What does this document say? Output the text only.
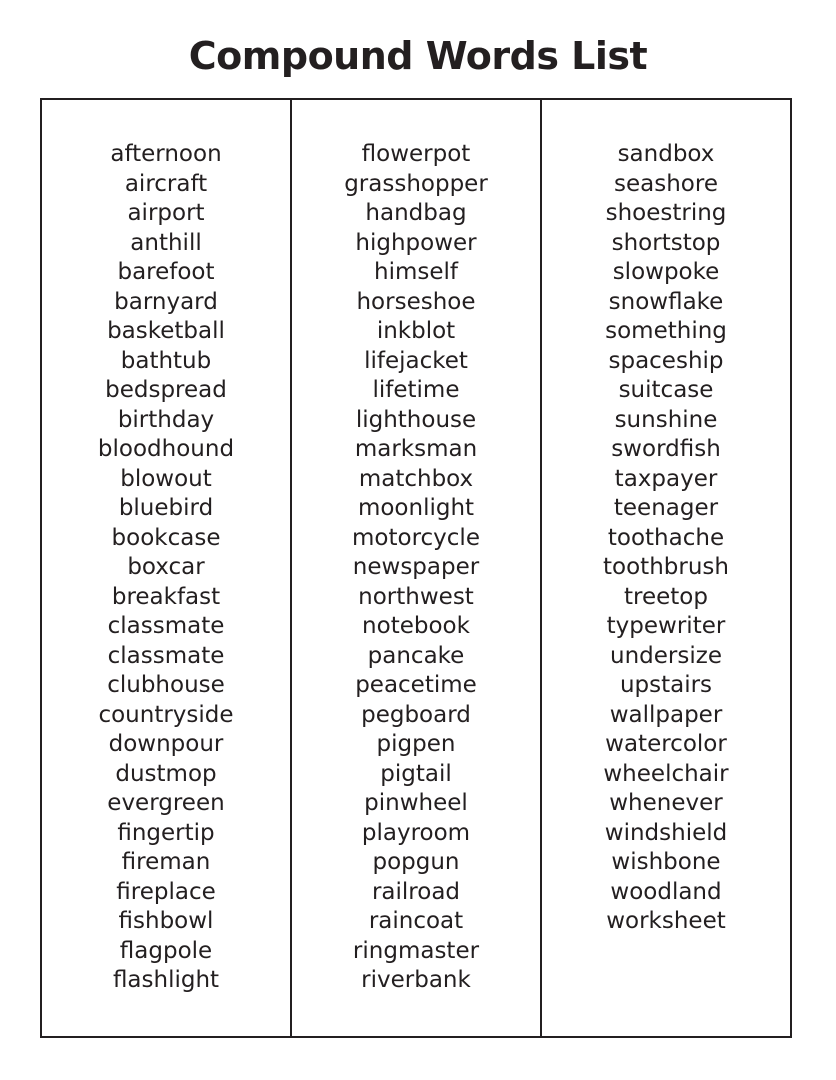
Compound Words List
afternoon
aircraft
airport
anthill
barefoot
barnyard
basketball
bathtub
bedspread
birthday
bloodhound
blowout
bluebird
bookcase
boxcar
breakfast
classmate
classmate
clubhouse
countryside
downpour
dustmop
evergreen
fingertip
fireman
fireplace
fishbowl
flagpole
flashlight
flowerpot
grasshopper
handbag
highpower
himself
horseshoe
inkblot
lifejacket
lifetime
lighthouse
marksman
matchbox
moonlight
motorcycle
newspaper
northwest
notebook
pancake
peacetime
pegboard
pigpen
pigtail
pinwheel
playroom
popgun
railroad
raincoat
ringmaster
riverbank
sandbox
seashore
shoestring
shortstop
slowpoke
snowflake
something
spaceship
suitcase
sunshine
swordfish
taxpayer
teenager
toothache
toothbrush
treetop
typewriter
undersize
upstairs
wallpaper
watercolor
wheelchair
whenever
windshield
wishbone
woodland
worksheet
